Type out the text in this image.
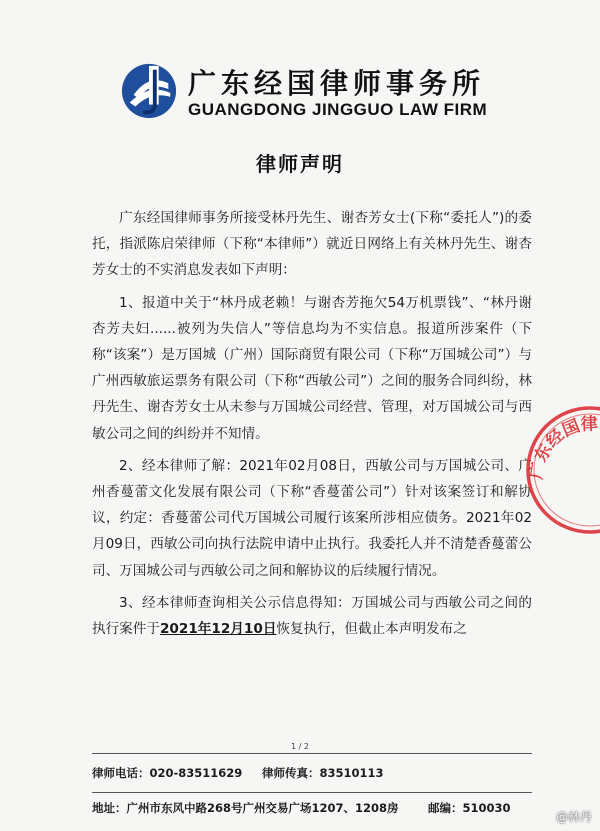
广东经国律师事务所
GUANGDONG JINGGUO LAW FIRM
律师声明

广东经国律师事务所接受林丹先生、谢杏芳女士(下称“委托人”)的委托，指派陈启荣律师（下称“本律师”）就近日网络上有关林丹先生、谢杏芳女士的不实消息发表如下声明：

1、报道中关于“林丹成老赖！与谢杏芳拖欠54万机票钱”、“林丹谢杏芳夫妇......被列为失信人”等信息均为不实信息。报道所涉案件（下称“该案”）是万国城（广州）国际商贸有限公司（下称“万国城公司”）与广州西敏旅运票务有限公司（下称“西敏公司”）之间的服务合同纠纷，林丹先生、谢杏芳女士从未参与万国城公司经营、管理，对万国城公司与西敏公司之间的纠纷并不知情。

2、经本律师了解：2021年02月08日，西敏公司与万国城公司、广州香蔓蕾文化发展有限公司（下称“香蔓蕾公司”）针对该案签订和解协议，约定：香蔓蕾公司代万国城公司履行该案所涉相应债务。2021年02月09日，西敏公司向执行法院申请中止执行。我委托人并不清楚香蔓蕾公司、万国城公司与西敏公司之间和解协议的后续履行情况。

3、经本律师查询相关公示信息得知：万国城公司与西敏公司之间的执行案件于2021年12月10日恢复执行，但截止本声明发布之

广东经国律
1 / 2
律师电话：020-83511629 律师传真：83510113
地址：广州市东风中路268号广州交易广场1207、1208房	邮编：510030
@林丹
